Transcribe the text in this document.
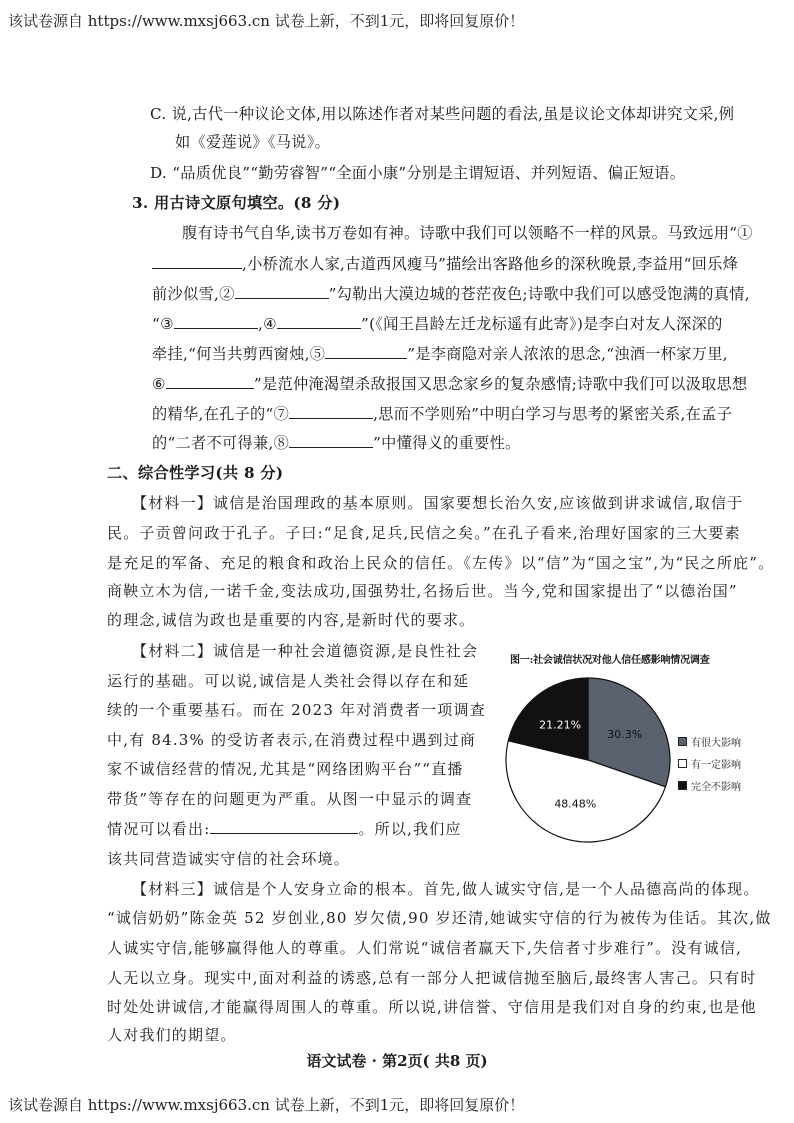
该试卷源自 https://www.mxsj663.cn 试卷上新，不到1元，即将回复原价！
C. 说,古代一种议论文体,用以陈述作者对某些问题的看法,虽是议论文体却讲究文采,例
如《爱莲说》《马说》。
D. “品质优良”“勤劳睿智”“全面小康”分别是主谓短语、并列短语、偏正短语。
3. 用古诗文原句填空。(8 分)
腹有诗书气自华,读书万卷如有神。诗歌中我们可以领略不一样的风景。马致远用“①
,小桥流水人家,古道西风瘦马”描绘出客路他乡的深秋晚景,李益用“回乐烽
前沙似雪,②	”勾勒出大漠边城的苍茫夜色;诗歌中我们可以感受饱满的真情,
“③	,④	”(《闻王昌龄左迁龙标遥有此寄》)是李白对友人深深的
牵挂,“何当共剪西窗烛,⑤	”是李商隐对亲人浓浓的思念,“浊酒一杯家万里,
⑥	”是范仲淹渴望杀敌报国又思念家乡的复杂感情;诗歌中我们可以汲取思想
的精华,在孔子的“⑦	,思而不学则殆”中明白学习与思考的紧密关系,在孟子
的“二者不可得兼,⑧	”中懂得义的重要性。
二、综合性学习(共 8 分)
【材料一】诚信是治国理政的基本原则。国家要想长治久安,应该做到讲求诚信,取信于
民。子贡曾问政于孔子。子曰:“足食,足兵,民信之矣。”在孔子看来,治理好国家的三大要素
是充足的军备、充足的粮食和政治上民众的信任。《左传》以“信”为“国之宝”,为“民之所庇”。
商鞅立木为信,一诺千金,变法成功,国强势壮,名扬后世。当今,党和国家提出了“以德治国”
的理念,诚信为政也是重要的内容,是新时代的要求。
【材料二】诚信是一种社会道德资源,是良性社会
运行的基础。可以说,诚信是人类社会得以存在和延
续的一个重要基石。而在 2023 年对消费者一项调查
中,有 84.3% 的受访者表示,在消费过程中遇到过商
家不诚信经营的情况,尤其是“网络团购平台”“直播
带货”等存在的问题更为严重。从图一中显示的调查
情况可以看出:	。所以,我们应
该共同营造诚实守信的社会环境。
图一:社会诚信状况对他人信任感影响情况调查
30.3%
48.48%
21.21%
有很大影响
有一定影响
完全不影响
【材料三】诚信是个人安身立命的根本。首先,做人诚实守信,是一个人品德高尚的体现。
“诚信奶奶”陈金英 52 岁创业,80 岁欠债,90 岁还清,她诚实守信的行为被传为佳话。其次,做
人诚实守信,能够赢得他人的尊重。人们常说“诚信者赢天下,失信者寸步难行”。没有诚信,
人无以立身。现实中,面对利益的诱惑,总有一部分人把诚信抛至脑后,最终害人害己。只有时
时处处讲诚信,才能赢得周围人的尊重。所以说,讲信誉、守信用是我们对自身的约束,也是他
人对我们的期望。
语文试卷 · 第2页( 共8 页)
该试卷源自 https://www.mxsj663.cn 试卷上新，不到1元，即将回复原价！
